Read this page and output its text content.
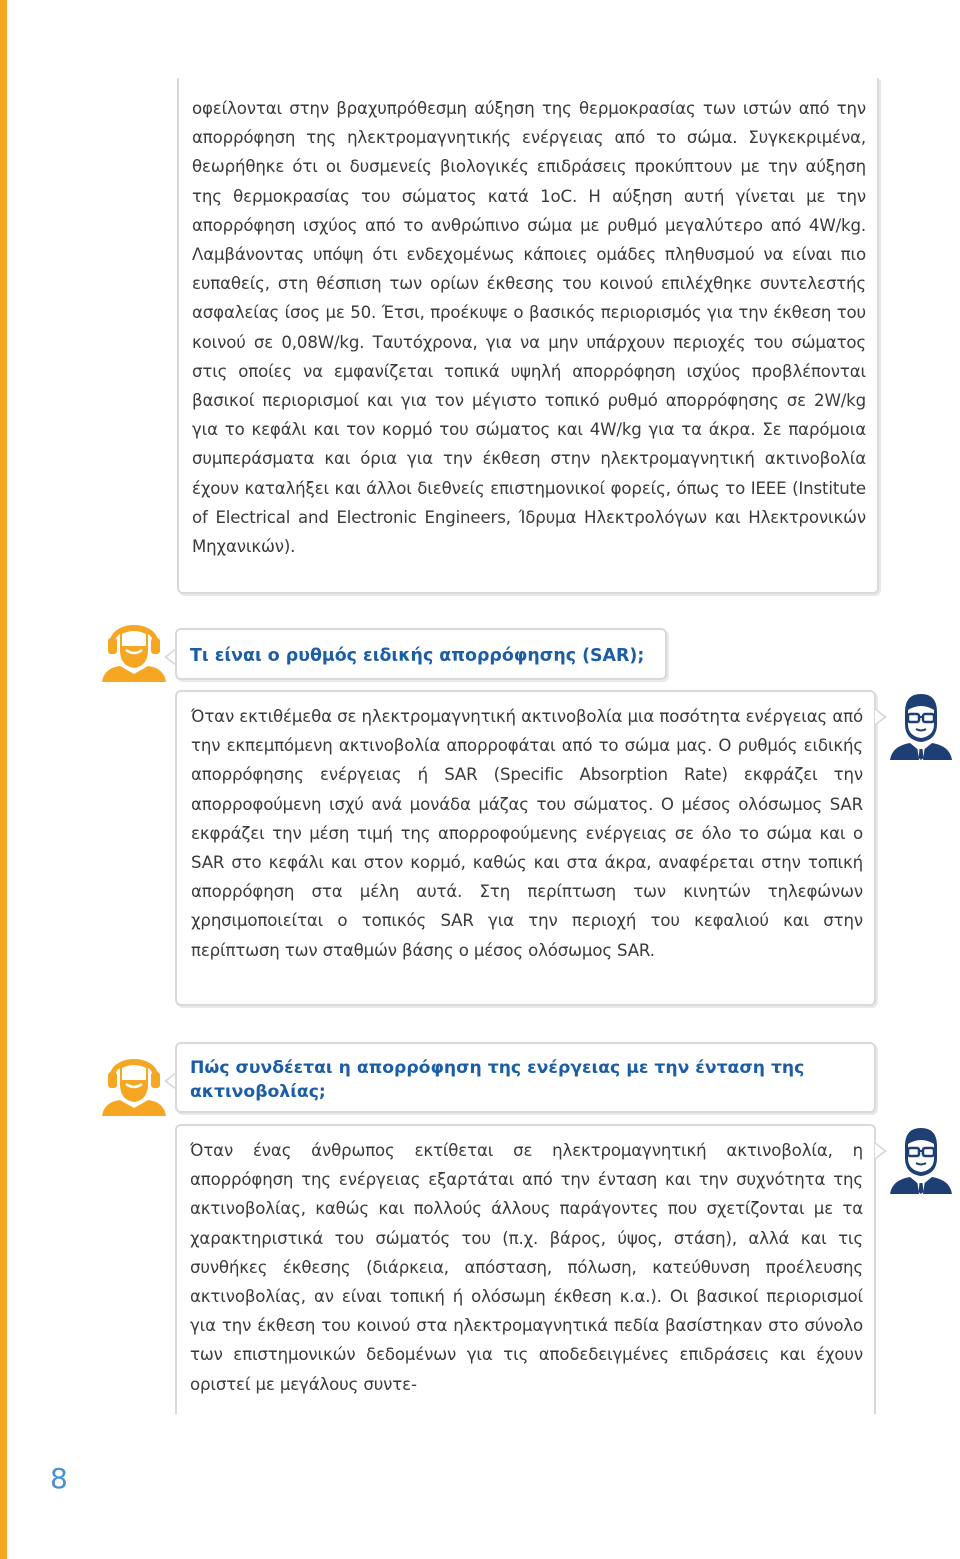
οφείλονται στην βραχυπρόθεσμη αύξηση της θερμοκρασίας των ιστών από την απορρόφηση της ηλεκτρομαγνητικής ενέργειας από το σώμα. Συγκεκριμένα, θεωρήθηκε ότι οι δυσμενείς βιολογικές επιδράσεις προκύπτουν με την αύξηση της θερμοκρασίας του σώματος κατά 1οC. Η αύξηση αυτή γίνεται με την απορρόφηση ισχύος από το ανθρώπινο σώμα με ρυθμό μεγαλύτερο από 4W/kg. Λαμβάνοντας υπόψη ότι ενδεχομένως κάποιες ομάδες πληθυσμού να είναι πιο ευπαθείς, στη θέσπιση των ορίων έκθεσης του κοινού επιλέχθηκε συντελεστής ασφαλείας ίσος με 50. Έτσι, προέκυψε ο βασικός περιορισμός για την έκθεση του κοινού σε 0,08W/kg. Ταυτόχρονα, για να μην υπάρχουν περιοχές του σώματος στις οποίες να εμφανίζεται τοπικά υψηλή απορρόφηση ισχύος προβλέπονται βασικοί περιορισμοί και για τον μέγιστο τοπικό ρυθμό απορρόφησης σε 2W/kg για το κεφάλι και τον κορμό του σώματος και 4W/kg για τα άκρα. Σε παρόμοια συμπεράσματα και όρια για την έκθεση στην ηλεκτρομαγνητική ακτινοβολία έχουν καταλήξει και άλλοι διεθνείς επιστημονικοί φορείς, όπως το IEEE (Institute of Electrical and Electronic Engineers, Ίδρυμα Ηλεκτρολόγων και Ηλεκτρονικών Μηχανικών).

Τι είναι ο ρυθμός ειδικής απορρόφησης (SAR);

Όταν εκτιθέμεθα σε ηλεκτρομαγνητική ακτινοβολία μια ποσότητα ενέργειας από την εκπεμπόμενη ακτινοβολία απορροφάται από το σώμα μας. Ο ρυθμός ειδικής απορρόφησης ενέργειας ή SAR (Specific Absorption Rate) εκφράζει την απορροφούμενη ισχύ ανά μονάδα μάζας του σώματος. Ο μέσος ολόσωμος SAR εκφράζει την μέση τιμή της απορροφούμενης ενέργειας σε όλο το σώμα και ο SAR στο κεφάλι και στον κορμό, καθώς και στα άκρα, αναφέρεται στην τοπική απορρόφηση στα μέλη αυτά. Στη περίπτωση των κινητών τηλεφώνων χρησιμοποιείται ο τοπικός SAR για την περιοχή του κεφαλιού και στην περίπτωση των σταθμών βάσης ο μέσος ολόσωμος SAR.

Πώς συνδέεται η απορρόφηση της ενέργειας με την ένταση της ακτινοβολίας;

Όταν ένας άνθρωπος εκτίθεται σε ηλεκτρομαγνητική ακτινοβολία, η απορρόφηση της ενέργειας εξαρτάται από την ένταση και την συχνότητα της ακτινοβολίας, καθώς και πολλούς άλλους παράγοντες που σχετίζονται με τα χαρακτηριστικά του σώματός του (π.χ. βάρος, ύψος, στάση), αλλά και τις συνθήκες έκθεσης (διάρκεια, απόσταση, πόλωση, κατεύθυνση προέλευσης ακτινοβολίας, αν είναι τοπική ή ολόσωμη έκθεση κ.α.). Οι βασικοί περιορισμοί για την έκθεση του κοινού στα ηλεκτρομαγνητικά πεδία βασίστηκαν στο σύνολο των επιστημονικών δεδομένων για τις αποδεδειγμένες επιδράσεις και έχουν οριστεί με μεγάλους συντε-

8
